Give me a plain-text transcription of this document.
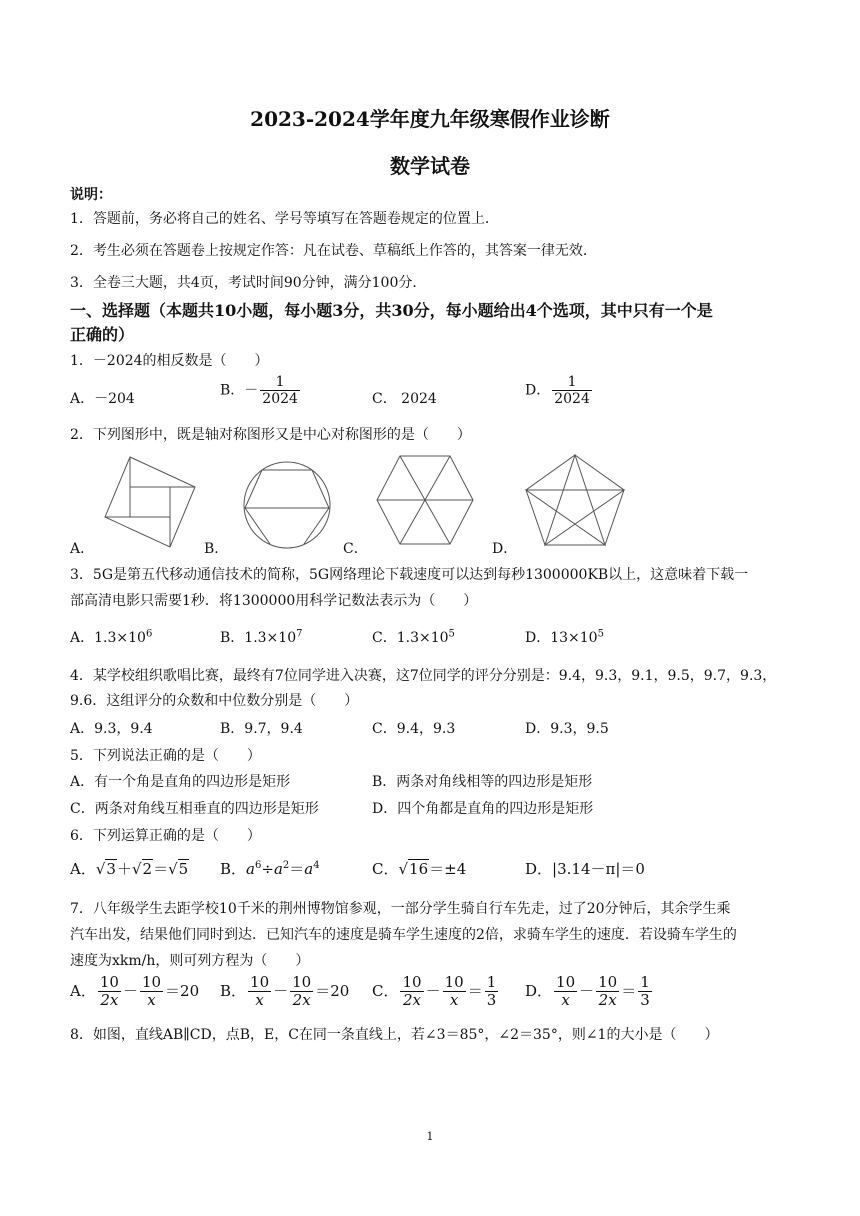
2023-2024学年度九年级寒假作业诊断
数学试卷
说明：
1．答题前，务必将自己的姓名、学号等填写在答题卷规定的位置上．
2．考生必须在答题卷上按规定作答：凡在试卷、草稿纸上作答的，其答案一律无效．
3．全卷三大题，共4页，考试时间90分钟，满分100分．
一、选择题（本题共10小题，每小题3分，共30分，每小题给出4个选项，其中只有一个是
正确的）
1．－2024的相反数是（　　）
A．－204
B．－ $\frac{1}{2024}$	C． 2024
D． $\frac{1}{2024}$
2．下列图形中，既是轴对称图形又是中心对称图形的是（　　）
A．	B．	C．	D．
3．5G是第五代移动通信技术的简称，5G网络理论下载速度可以达到每秒1300000KB以上，这意味着下载一
部高清电影只需要1秒．将1300000用科学记数法表示为（　　）
A．$1.3\times 10^6$	B．$1.3\times 10^7$	C．$1.3\times 10^5$	D．$13\times 10^5$
4．某学校组织歌唱比赛，最终有7位同学进入决赛，这7位同学的评分分别是：9.4，9.3，9.1，9.5，9.7，9.3，
9.6．这组评分的众数和中位数分别是（　　）
A．9.3，9.4	B．9.7，9.4	C．9.4，9.3	D．9.3，9.5
5．下列说法正确的是（　　）
A．有一个角是直角的四边形是矩形	B．两条对角线相等的四边形是矩形
C．两条对角线互相垂直的四边形是矩形	D．四个角都是直角的四边形是矩形
6．下列运算正确的是（　　）
A．√3＋√2＝√5 B．$a^6\div a^2=a^4$	C．√16＝±4	D．|3.14－π|＝0
7．八年级学生去距学校10千米的荆州博物馆参观，一部分学生骑自行车先走，过了20分钟后，其余学生乘
汽车出发，结果他们同时到达．已知汽车的速度是骑车学生速度的2倍，求骑车学生的速度．若设骑车学生的
速度为xkm/h，则可列方程为（　　）
A． $\frac{10}{2x} - \frac{10}{x} =20$ B． $\frac{10}{x} - \frac{10}{2x} =20$ C． $\frac{10}{2x} - \frac{10}{x} = \frac{1}{3}$ D． $\frac{10}{x} - \frac{10}{2x} = \frac{1}{3}$
8．如图，直线AB∥CD，点B，E，C在同一条直线上，若∠3＝85°，∠2＝35°，则∠1的大小是（　　）
1
